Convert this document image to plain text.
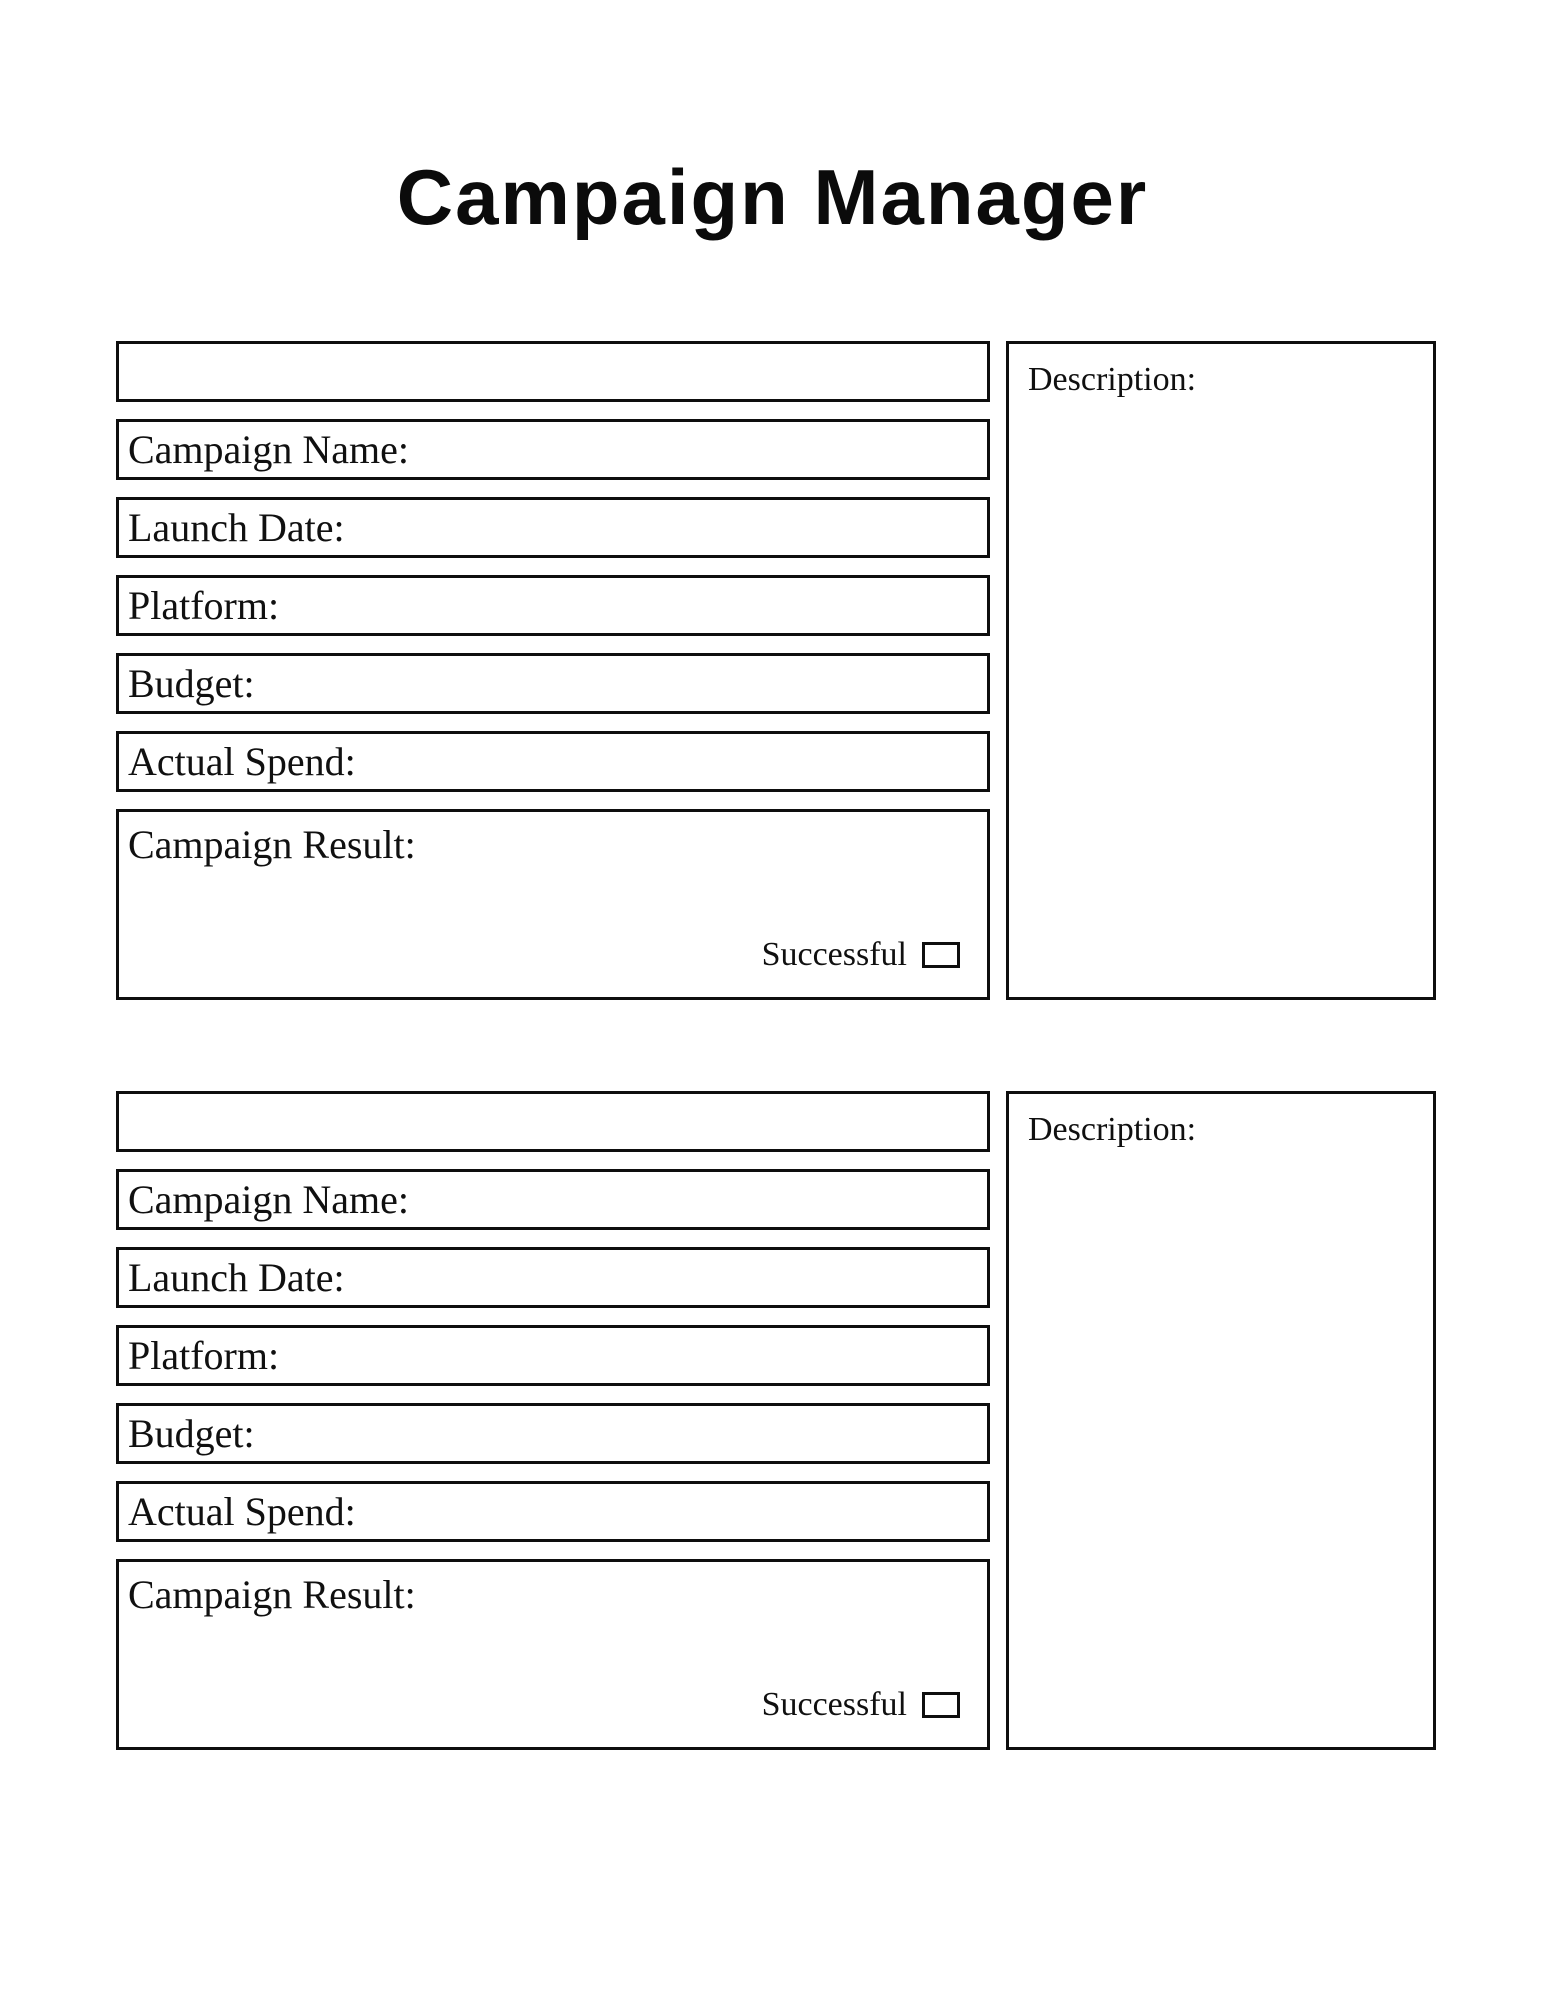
Campaign Manager
Campaign Name:
Launch Date:
Platform:
Budget:
Actual Spend:
Campaign Result:
Successful
Description:
Campaign Name:
Launch Date:
Platform:
Budget:
Actual Spend:
Campaign Result:
Successful
Description:
